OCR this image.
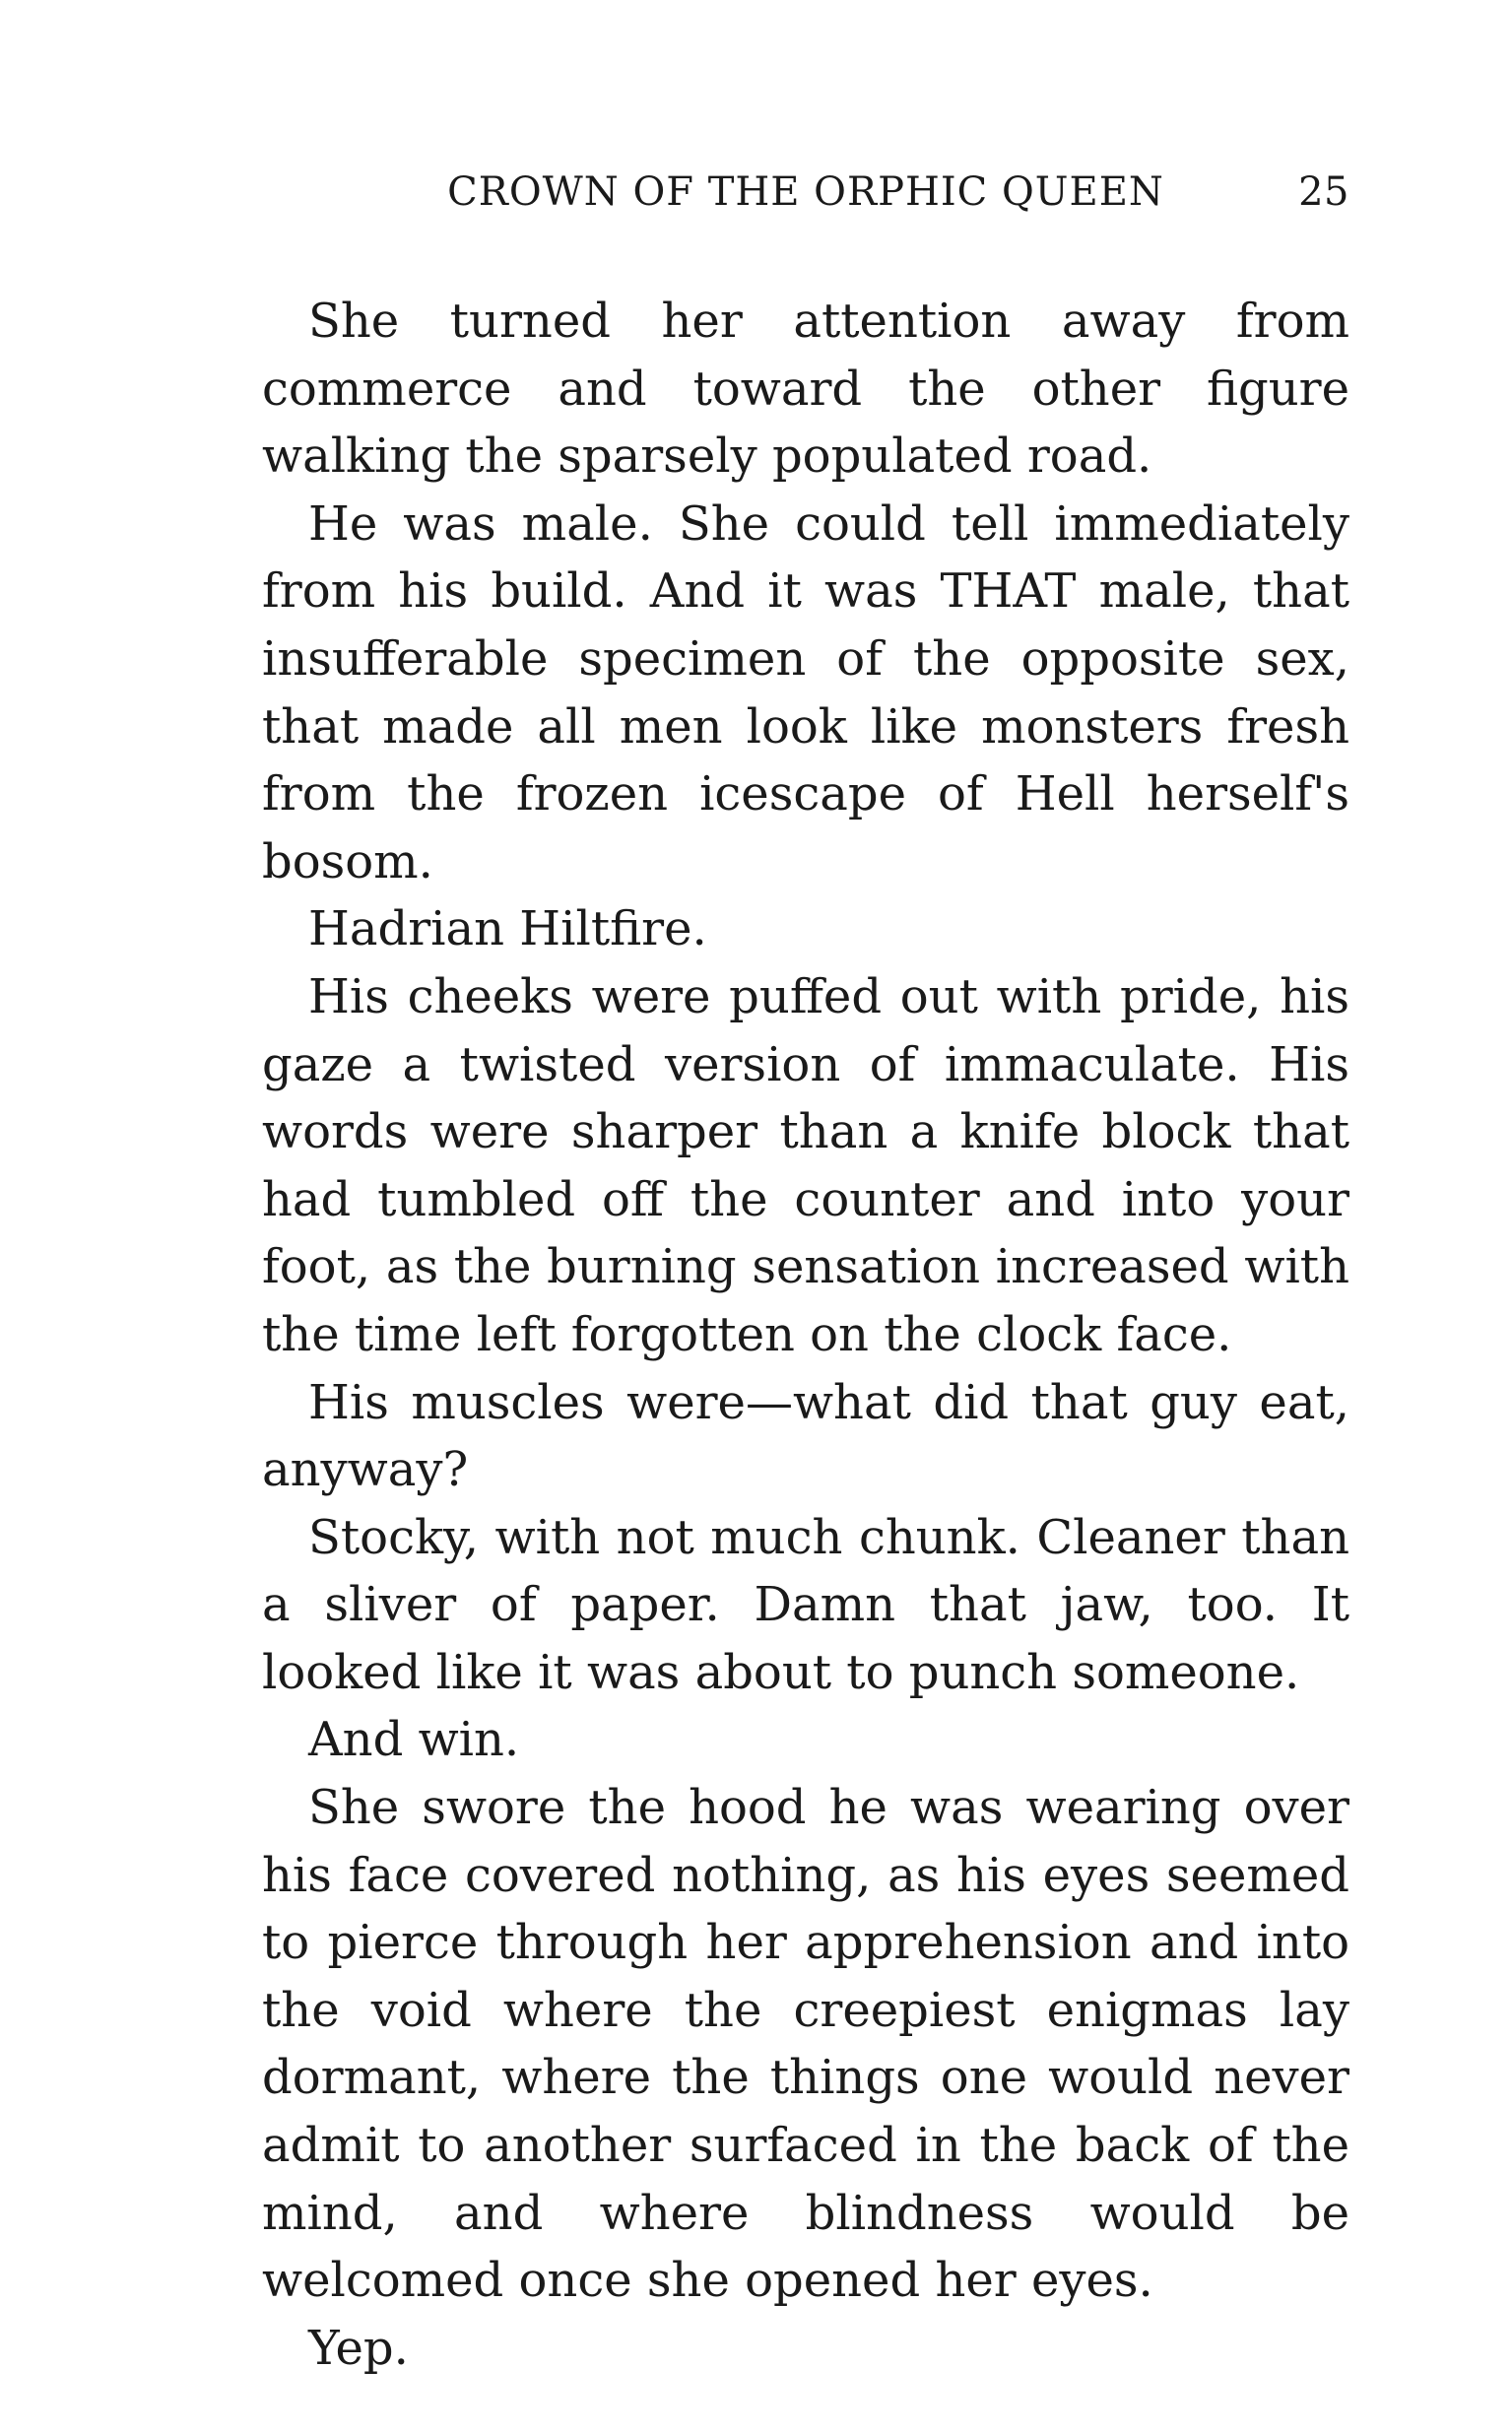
CROWN OF THE ORPHIC QUEEN	25

She turned her attention away from commerce and toward the other figure walking the sparsely populated road.

He was male. She could tell immediately from his build. And it was THAT male, that insufferable specimen of the opposite sex, that made all men look like monsters fresh from the frozen icescape of Hell herself's bosom.

Hadrian Hiltfire.

His cheeks were puffed out with pride, his gaze a twisted version of immaculate. His words were sharper than a knife block that had tumbled off the counter and into your foot, as the burning sensation increased with the time left forgotten on the clock face.

His muscles were—what did that guy eat, anyway?

Stocky, with not much chunk. Cleaner than a sliver of paper. Damn that jaw, too. It looked like it was about to punch someone.

And win.

She swore the hood he was wearing over his face covered nothing, as his eyes seemed to pierce through her apprehension and into the void where the creepiest enigmas lay dormant, where the things one would never admit to another surfaced in the back of the mind, and where blindness would be welcomed once she opened her eyes.

Yep.
